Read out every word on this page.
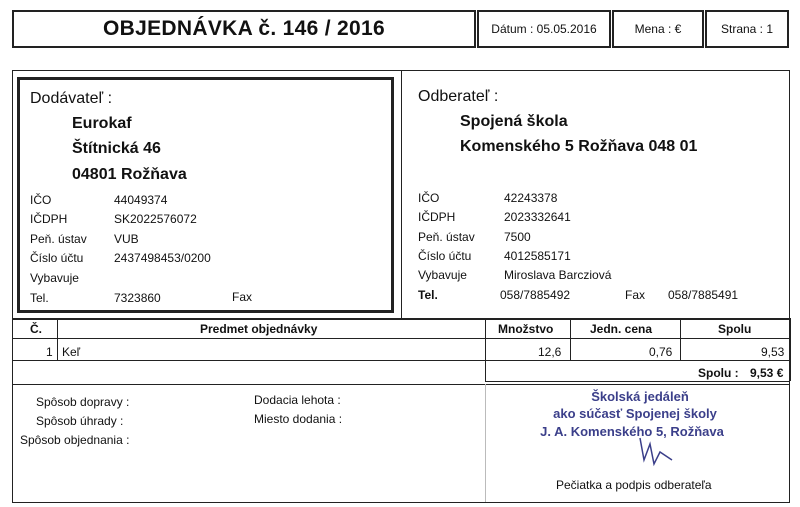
OBJEDNÁVKA č. 146 / 2016	Dátum : 05.05.2016	Mena : €	Strana : 1
Dodávateľ :
Eurokaf
Štítnická 46
04801 Rožňava
IČO	44049374
IČDPH	SK2022576072
Peň. ústav VUB
Číslo účtu	2437498453/0200
Vybavuje
Tel.	7323860	Fax
Odberateľ :
Spojená škola
Komenského 5 Rožňava 048 01
IČO	42243378
IČDPH	2023332641
Peň. ústav 7500
Číslo účtu	4012585171
Vybavuje	Miroslava Barcziová
Tel.	058/7885492	Fax 058/7885491
Č.	Predmet objednávky	Množstvo	Jedn. cena	Spolu
1 Keľ	12,6	0,76	9,53
Spolu : 9,53 €
Spôsob dopravy :
Spôsob úhrady :
Spôsob objednania :
Dodacia lehota :
Miesto dodania :
Školská jedáleň
ako súčasť Spojenej školy
J. A. Komenského 5, Rožňava
Pečiatka a podpis odberateľa
